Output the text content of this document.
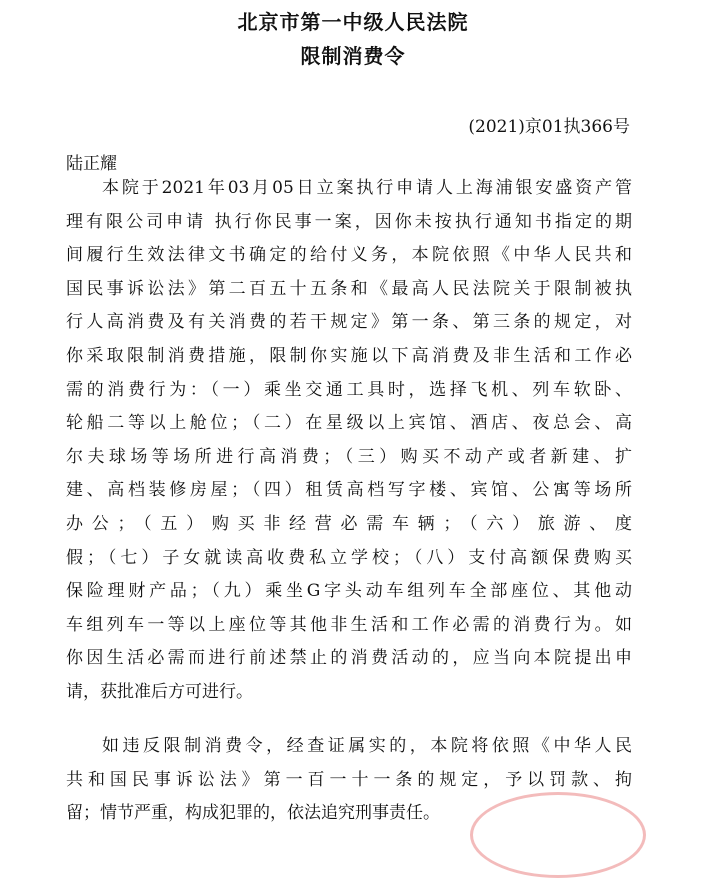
北京市第一中级人民法院
限制消费令
(2021)京01执366号
陆正耀
本院于2021年03月05日立案执行申请人上海浦银安盛资产管
理有限公司申请 执行你民事一案，因你未按执行通知书指定的期
间履行生效法律文书确定的给付义务，本院依照《中华人民共和
国民事诉讼法》第二百五十五条和《最高人民法院关于限制被执
行人高消费及有关消费的若干规定》第一条、第三条的规定，对
你采取限制消费措施，限制你实施以下高消费及非生活和工作必
需的消费行为：（一）乘坐交通工具时，选择飞机、列车软卧、
轮船二等以上舱位；（二）在星级以上宾馆、酒店、夜总会、高
尔夫球场等场所进行高消费；（三）购买不动产或者新建、扩
建、高档装修房屋；（四）租赁高档写字楼、宾馆、公寓等场所
办公；（五）购买非经营必需车辆；（六）旅游、度
假；（七）子女就读高收费私立学校；（八）支付高额保费购买
保险理财产品；（九）乘坐G字头动车组列车全部座位、其他动
车组列车一等以上座位等其他非生活和工作必需的消费行为。如
你因生活必需而进行前述禁止的消费活动的，应当向本院提出申
请，获批准后方可进行。
如违反限制消费令，经查证属实的，本院将依照《中华人民
共和国民事诉讼法》第一百一十一条的规定，予以罚款、拘
留；情节严重，构成犯罪的，依法追究刑事责任。
